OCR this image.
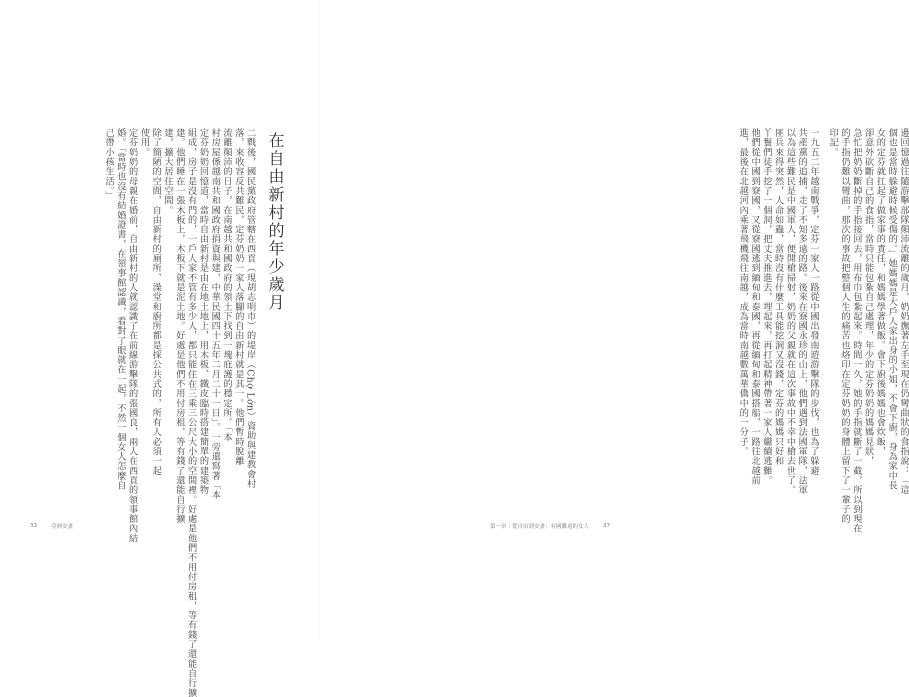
在自由新村的年少歲月
二戰後，國民黨政府管轄在西貢（現胡志明市）的堤岸（Chợ Lớn）資助與建教會村
落，來收容反共難民，定芬奶奶一家人落腳的自由新村就是其一。他們暫時脫離
流離顛沛的日子，在南越共和國政府的領土下找到一塊庇護的穩定所。「本
村房屋係越南共和國政府捐資與建，中華民國四十五年二月二十一日」。一旁還寫著「本
定芬奶奶回憶道，當時自由新村是由在地土地上，用木板、鐵皮臨時搭建簡單的建築物
組成，房子是沒有門的，一戶人家不管有多少人，都只能住在三乘三公尺大小的空間裡。好處是他們不用付房租，等有錢了還能自行擴
建。他們睡在一張木板上，木板下就是泥土地。好處是他們不用付房租，等有錢了還能自行擴
建，擴大居住空間。
除了簡陋的空間，自由新村的廁所、澡堂和廚所都是採公共式的，所有人必須一起
使用。
定芬奶奶的母親在婚前，自由新村的人就認識了在前線游擊隊的張國良，兩人在西貢的領事館內結
婚。「當時也沒有結婚證書，在領事館認識，看對了眼就在一起，不然一個女人怎麼自
己帶小孩生活。」
33	亞洲安妻
邊回憶過往隨游擊部隊顛沛流離的歲月，奶奶撫著左手至現在仍彎曲狀的食指說：「這
個也是當時躲避時候受傷的。」她媽媽是大戶人家出身的小姐，不會下廚，身為家中長
女的定芬就扛起了做家事的責任，和媽媽學著做飯。會下廚後媽媽也會炊飯，
卻意外砍斷自己的食指，當時只能包紮自己處理，年少的定芬奶奶的媽媽見狀，
急忙把奶奶斷掉的手指接回去，用布巾包紮起來。時間一久，她的手指就斷了一截，所以到現在
的手指仍難以彎曲，那次的事故把整個人生的痛苦也烙印在定芬奶奶的身體上留下了一輩子的
印記。
一九五二年越南戰爭，定芬一家人一路從中國出發南遊游擊隊的步伐，也為了躲避
共產黨的追捕，走了不知多遠的路。後來在寮國永珍的山上，他們遇到法國軍隊，法軍
以為這些難民是中國軍人，便開槍掃射，奶奶的父親就在這次事故中不幸中槍去世了。
匪兵來得突然，人命如蟲，當時沒有什麼工具能挖洞又沒錢，定芬的媽媽只好和
丫鬟們徒手挖了一個洞，把丈夫推進去，埋起來，再打起精神帶著一家人繼續逃難。
他們從中國到寮國，又從寮國逃到緬甸和泰國，再從緬甸和泰國搭船，一路往北越前
進，最後在北越河內乘著飛機飛往南越，成為當時南越數萬華僑中的一分子。
第一章｜從自由到安妻：有國難返的女人	37
